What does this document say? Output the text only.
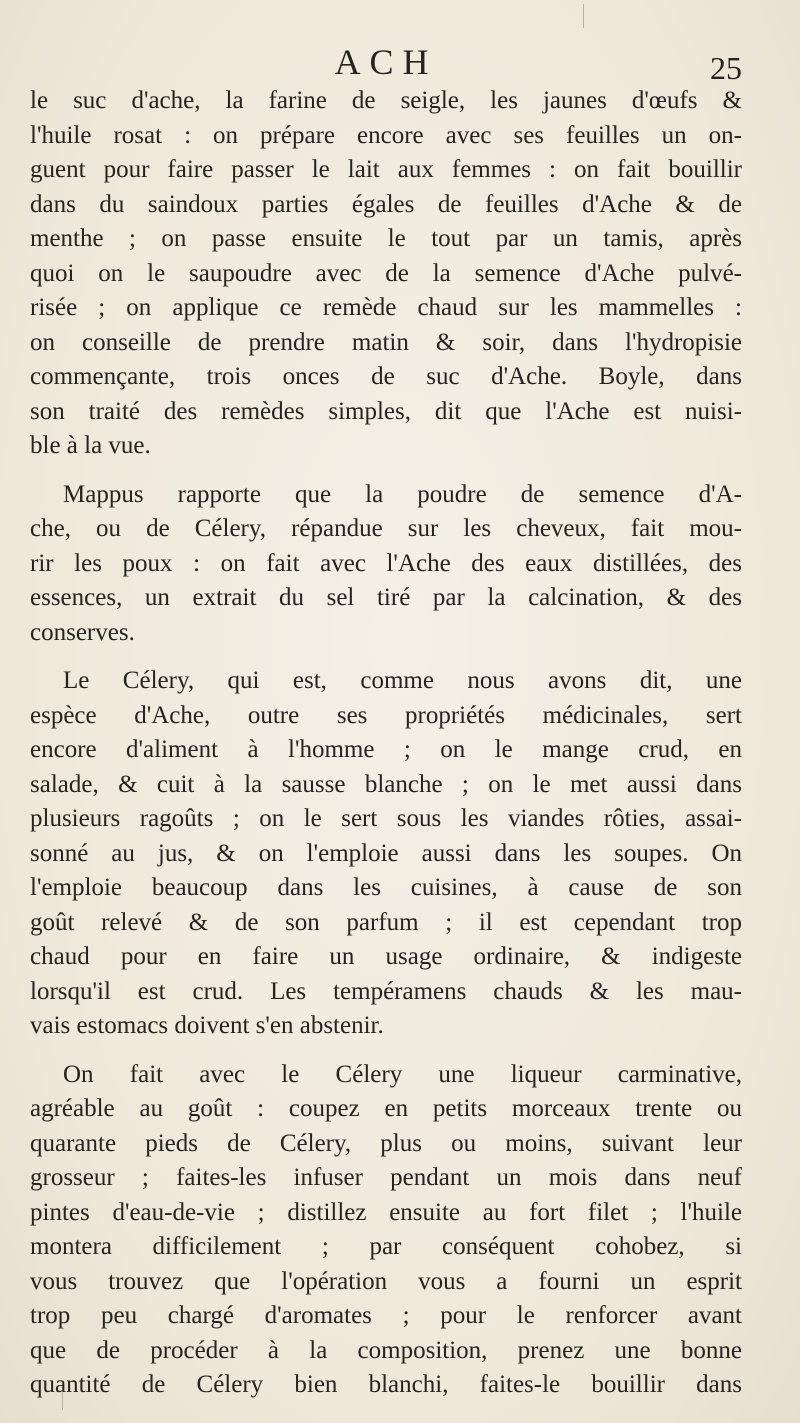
ACH	25
le suc d'ache, la farine de seigle, les jaunes d'œufs &
l'huile rosat : on prépare encore avec ses feuilles un on-
guent pour faire passer le lait aux femmes : on fait bouillir
dans du saindoux parties égales de feuilles d'Ache & de
menthe ; on passe ensuite le tout par un tamis, après
quoi on le saupoudre avec de la semence d'Ache pulvé-
risée ; on applique ce remède chaud sur les mammelles :
on conseille de prendre matin & soir, dans l'hydropisie
commençante, trois onces de suc d'Ache. Boyle, dans
son traité des remèdes simples, dit que l'Ache est nuisi-
ble à la vue.
Mappus rapporte que la poudre de semence d'A-
che, ou de Célery, répandue sur les cheveux, fait mou-
rir les poux : on fait avec l'Ache des eaux distillées, des
essences, un extrait du sel tiré par la calcination, & des
conserves.
Le Célery, qui est, comme nous avons dit, une
espèce d'Ache, outre ses propriétés médicinales, sert
encore d'aliment à l'homme ; on le mange crud, en
salade, & cuit à la sausse blanche ; on le met aussi dans
plusieurs ragoûts ; on le sert sous les viandes rôties, assai-
sonné au jus, & on l'emploie aussi dans les soupes. On
l'emploie beaucoup dans les cuisines, à cause de son
goût relevé & de son parfum ; il est cependant trop
chaud pour en faire un usage ordinaire, & indigeste
lorsqu'il est crud. Les tempéramens chauds & les mau-
vais estomacs doivent s'en abstenir.
On fait avec le Célery une liqueur carminative,
agréable au goût : coupez en petits morceaux trente ou
quarante pieds de Célery, plus ou moins, suivant leur
grosseur ; faites-les infuser pendant un mois dans neuf
pintes d'eau-de-vie ; distillez ensuite au fort filet ; l'huile
montera difficilement ; par conséquent cohobez, si
vous trouvez que l'opération vous a fourni un esprit
trop peu chargé d'aromates ; pour le renforcer avant
que de procéder à la composition, prenez une bonne
quantité de Célery bien blanchi, faites-le bouillir dans
